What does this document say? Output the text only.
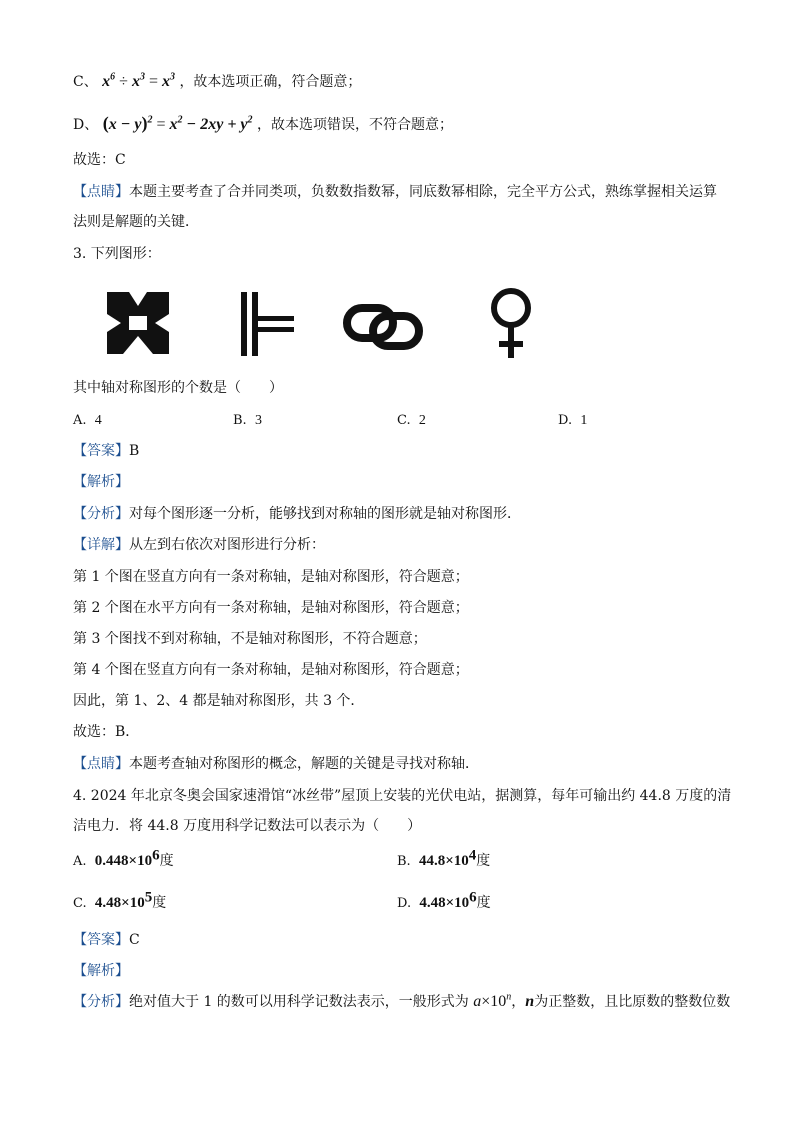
C、 $x^6 \div x^3 = x^3$ ，故本选项正确，符合题意；
D、 $(x - y)^2 = x^2 - 2xy + y^2$ ，故本选项错误，不符合题意；
故选：C
【点睛】本题主要考查了合并同类项，负数数指数幂，同底数幂相除，完全平方公式，熟练掌握相关运算
法则是解题的关键．
3. 下列图形：
其中轴对称图形的个数是（　　）
A. 4	B. 3	C. 2	D. 1
【答案】B
【解析】
【分析】对每个图形逐一分析，能够找到对称轴的图形就是轴对称图形．
【详解】从左到右依次对图形进行分析：
第 1 个图在竖直方向有一条对称轴，是轴对称图形，符合题意；
第 2 个图在水平方向有一条对称轴，是轴对称图形，符合题意；
第 3 个图找不到对称轴，不是轴对称图形，不符合题意；
第 4 个图在竖直方向有一条对称轴，是轴对称图形，符合题意；
因此，第 1、2、4 都是轴对称图形，共 3 个．
故选：B．
【点睛】本题考查轴对称图形的概念，解题的关键是寻找对称轴．
4. 2024 年北京冬奥会国家速滑馆“冰丝带”屋顶上安装的光伏电站，据测算，每年可输出约 44.8 万度的清
洁电力．将 44.8 万度用科学记数法可以表示为（　　）
A. $0.448\times 10^6$度	B. $44.8\times 10^4$度
C. $4.48\times 10^5$度	D. $4.48\times 10^6$度
【答案】C
【解析】
【分析】绝对值大于 1 的数可以用科学记数法表示，一般形式为 $a\times 10^n$，n为正整数，且比原数的整数位数
